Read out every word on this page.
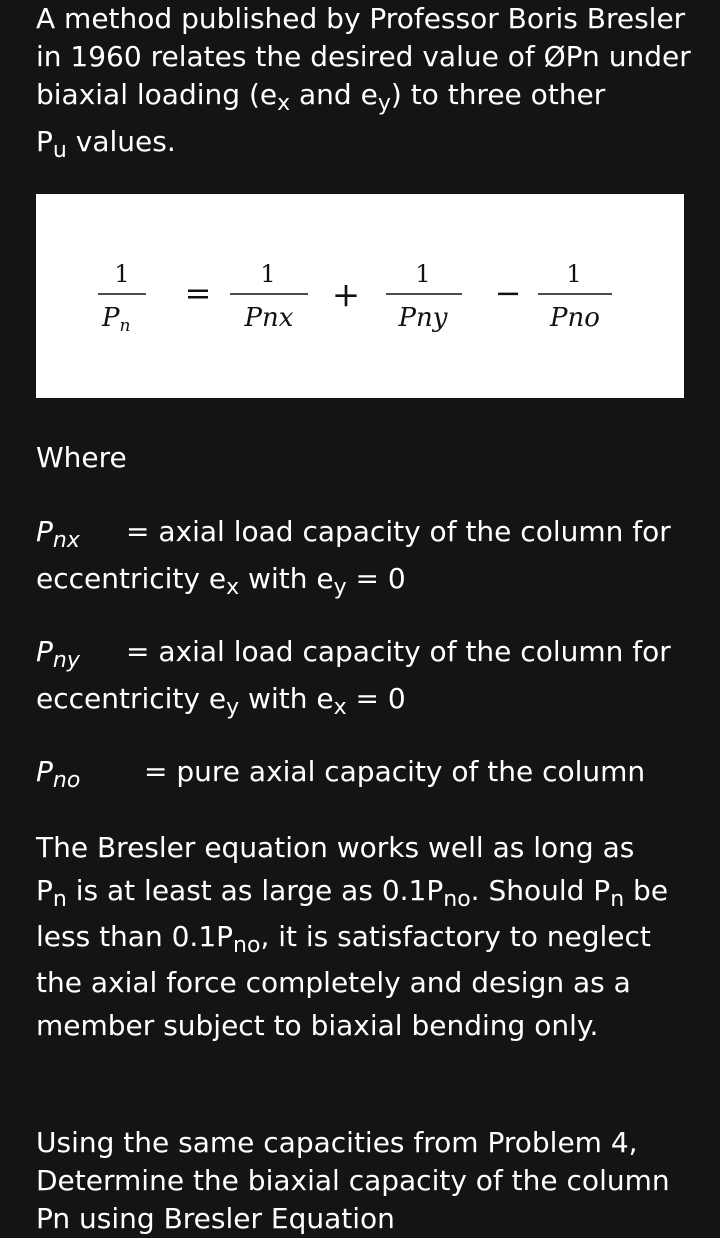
A method published by Professor Boris Bresler
in 1960 relates the desired value of ØPn under
biaxial loading ($e_x$ and $e_y$) to three other
$P_u$ values.
1
Pn
= 1
Pnx
+
1
Pny
− 1
Pno
Where
$P_{nx}$ = axial load capacity of the column for
eccentricity $e_x$ with $e_y = 0$
$P_{ny}$ = axial load capacity of the column for
eccentricity $e_y$ with $e_x = 0$
$P_{no}$ = pure axial capacity of the column
The Bresler equation works well as long as
$P_n$ is at least as large as $0.1P_{no}$. Should $P_n$ be
less than $0.1P_{no}$, it is satisfactory to neglect
the axial force completely and design as a
member subject to biaxial bending only.
Using the same capacities from Problem 4,
Determine the biaxial capacity of the column
Pn using Bresler Equation
